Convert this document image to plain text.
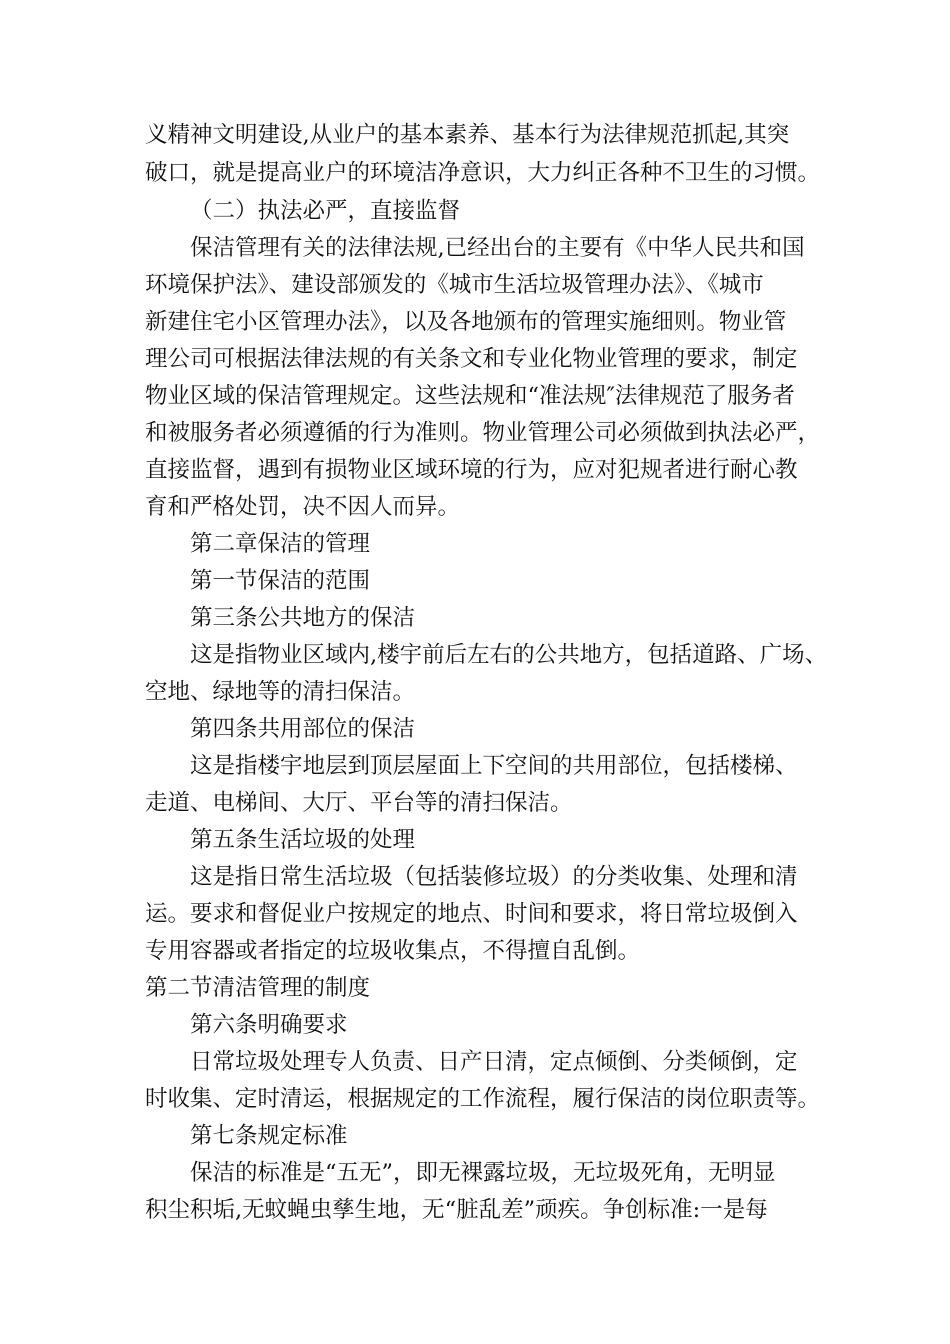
义精神文明建设,从业户的基本素养、基本行为法律规范抓起,其突
破口，就是提高业户的环境洁净意识，大力纠正各种不卫生的习惯。
（二）执法必严，直接监督
保洁管理有关的法律法规,已经出台的主要有《中华人民共和国
环境保护法》、建设部颁发的《城市生活垃圾管理办法》、《城市
新建住宅小区管理办法》，以及各地颁布的管理实施细则。物业管
理公司可根据法律法规的有关条文和专业化物业管理的要求，制定
物业区域的保洁管理规定。这些法规和“准法规″法律规范了服务者
和被服务者必须遵循的行为准则。物业管理公司必须做到执法必严，
直接监督，遇到有损物业区域环境的行为，应对犯规者进行耐心教
育和严格处罚，决不因人而异。
第二章保洁的管理
第一节保洁的范围
第三条公共地方的保洁
这是指物业区域内,楼宇前后左右的公共地方，包括道路、广场、
空地、绿地等的清扫保洁。
第四条共用部位的保洁
这是指楼宇地层到顶层屋面上下空间的共用部位，包括楼梯、
走道、电梯间、大厅、平台等的清扫保洁。
第五条生活垃圾的处理
这是指日常生活垃圾（包括装修垃圾）的分类收集、处理和清
运。要求和督促业户按规定的地点、时间和要求，将日常垃圾倒入
专用容器或者指定的垃圾收集点，不得擅自乱倒。
第二节清洁管理的制度
第六条明确要求
日常垃圾处理专人负责、日产日清，定点倾倒、分类倾倒，定
时收集、定时清运，根据规定的工作流程，履行保洁的岗位职责等。
第七条规定标准
保洁的标准是“五无”，即无裸露垃圾，无垃圾死角，无明显
积尘积垢,无蚊蝇虫孳生地，无“脏乱差”顽疾。争创标准:一是每
